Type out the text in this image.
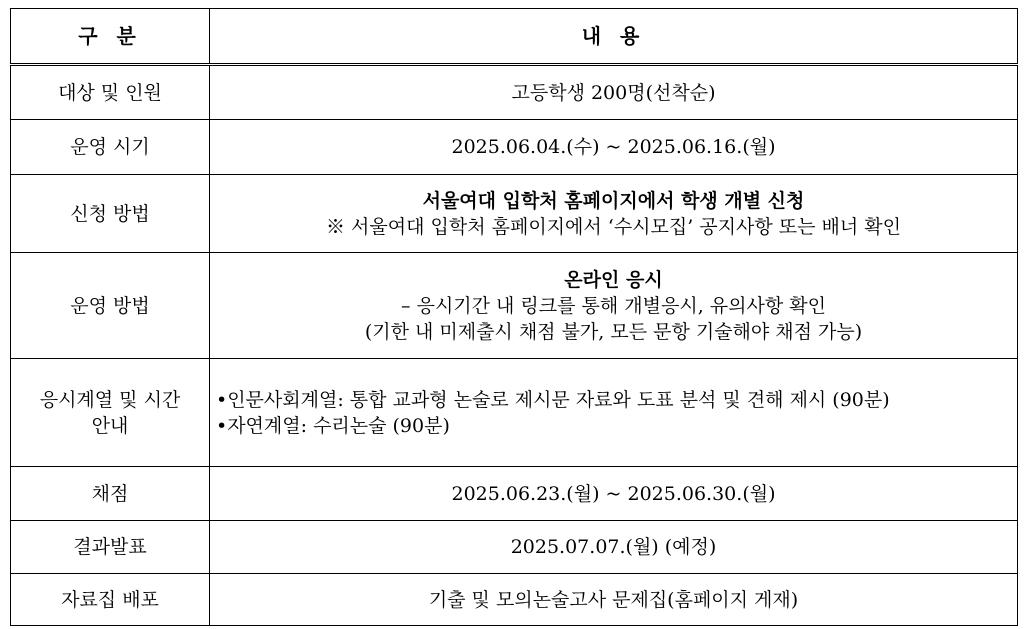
구 분	내 용
대상 및 인원	고등학생 200명(선착순)

운영 시기	2025.06.04.(수) ~ 2025.06.16.(월)

신청 방법	서울여대 입학처 홈페이지에서 학생 개별 신청
※ 서울여대 입학처 홈페이지에서 ‘수시모집’ 공지사항 또는 배너 확인

운영 방법	온라인 응시
– 응시기간 내 링크를 통해 개별응시, 유의사항 확인
(기한 내 미제출시 채점 불가, 모든 문항 기술해야 채점 가능)

응시계열 및 시간
안내	•인문사회계열: 통합 교과형 논술로 제시문 자료와 도표 분석 및 견해 제시 (90분)
•자연계열: 수리논술 (90분)

채점	2025.06.23.(월) ~ 2025.06.30.(월)

결과발표	2025.07.07.(월) (예정)

자료집 배포	기출 및 모의논술고사 문제집(홈페이지 게재)
